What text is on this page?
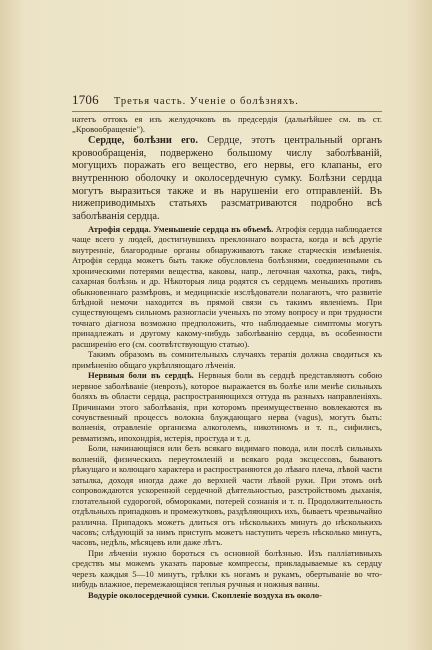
1706 Третья часть. Ученiе о болѣзняхъ.

натетъ оттокъ ея изъ желудочковъ въ предсердiя (дальнѣйшее см. въ ст. „Кровообращенiе").

Сердце, болѣзни его. Сердце, этотъ центральный органъ кровообращенiя, подвержено большому числу заболѣванiй, могущихъ поражать его вещество, его нервы, его клапаны, его внутреннюю оболочку и околосердечную сумку. Болѣзни сердца могутъ выразиться также и въ нарушенiи его отправленiй. Въ нижеприводимыхъ статьяхъ разсматриваются подробно всѣ заболѣванiя сердца.

Атрофiя сердца. Уменьшенiе сердца въ объемѣ. Атрофiя сердца наблюдается чаще всего у людей, достигнувшихъ преклоннаго возраста, когда и всѣ другiе внутреннiе, благородные органы обнаруживаютъ также старческiя измѣненiя. Атрофiя сердца можетъ быть также обусловлена болѣзнями, соединенными съ хроническими потерями вещества, каковы, напр., легочная чахотка, ракъ, тифъ, сахарная болѣзнь и др. Нѣкоторыя лица родятся съ сердцемъ меньшихъ противъ обыкновеннаго размѣровъ, и медицинскiе изслѣдователи полагаютъ, что развитiе блѣдной немочи находится въ прямой связи съ такимъ явленiемъ. При существующемъ сильномъ разногласiи ученыхъ по этому вопросу и при трудности точнаго дiагноза возможно предположить, что наблюдаемые симптомы могутъ принадлежать и другому какому-нибудь заболѣванiю сердца, въ особенности расширенiю его (см. соотвѣтствующую статью).

Такимъ образомъ въ сомнительныхъ случаяхъ терапiя должна сводиться къ примѣненiю общаго укрѣпляющаго лѣченiя.

Нервныя боли въ сердцѣ. Нервныя боли въ сердцѣ представляютъ собою нервное заболѣванiе (неврозъ), которое выражается въ болѣе или менѣе сильныхъ боляхъ въ области сердца, распространяющихся оттуда въ разныхъ направленiяхъ. Причинами этого заболѣванiя, при которомъ преимущественно вовлекаются въ сочувственный процессъ волокна блуждающаго нерва (vagus), могутъ быть: волненiя, отравленiе организма алкоголемъ, никотиномъ и т. п., сифилисъ, ревматизмъ, ипохондрiя, истерiя, простуда и т. д.

Боли, начинающiяся или безъ всякаго видимаго повода, или послѣ сильныхъ волненiй, физическихъ переутомленiй и всякаго рода эксцессовъ, бываютъ рѣжущаго и колющаго характера и распространяются до лѣваго плеча, лѣвой части затылка, доходя иногда даже до верхней части лѣвой руки. При этомъ онѣ сопровождаются ускоренной сердечной дѣятельностью, разстройствомъ дыханiя, глотательной судорогой, обмороками, потерей сознанiя и т. п. Продолжительность отдѣльныхъ припадковъ и промежутковъ, раздѣляющихъ ихъ, бываетъ чрезвычайно различна. Припадокъ можетъ длиться отъ нѣсколькихъ минутъ до нѣсколькихъ часовъ; слѣдующiй за нимъ приступъ можетъ наступить черезъ нѣсколько минутъ, часовъ, недѣль, мѣсяцевъ или даже лѣтъ.

При лѣченiи нужно бороться съ основной болѣзнью. Изъ паллiативныхъ средствъ мы можемъ указать паровые компрессы, прикладываемые къ сердцу черезъ каждыя 5—10 минутъ, грѣлки къ ногамъ и рукамъ, обертыванiе во что-нибудь влажное, перемежающiяся теплыя ручныя и ножныя ванны.

Водурiе околосердечной сумки. Скопленiе воздуха въ около-
